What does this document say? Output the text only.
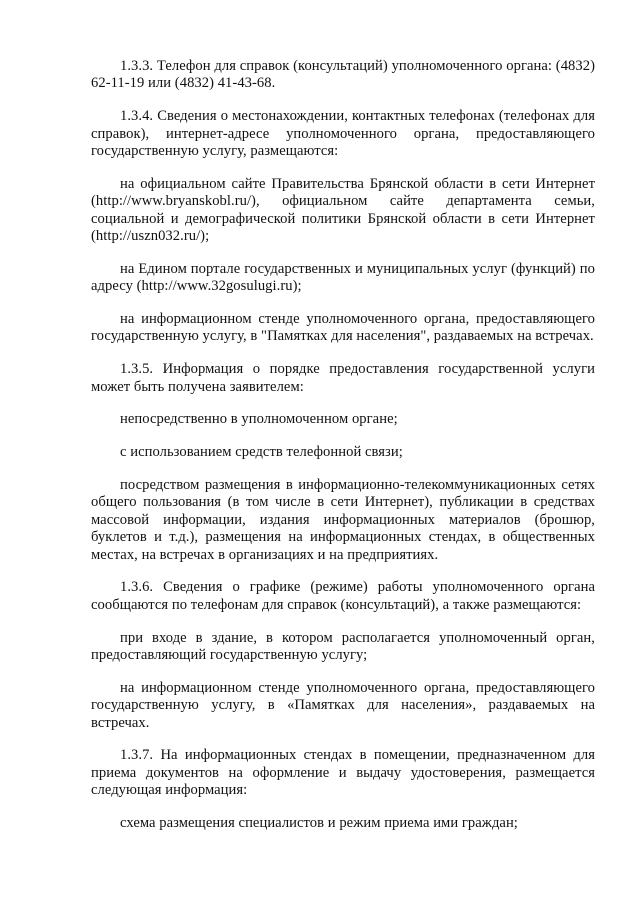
1.3.3. Телефон для справок (консультаций) уполномоченного органа: (4832) 62-11-19 или (4832) 41-43-68.

1.3.4. Сведения о местонахождении, контактных телефонах (телефонах для справок), интернет-адресе уполномоченного органа, предоставляющего государственную услугу, размещаются:

на официальном сайте Правительства Брянской области в сети Интернет (http://www.bryanskobl.ru/), официальном сайте департамента семьи, социальной и демографической политики Брянской области в сети Интернет (http://uszn032.ru/);

на Едином портале государственных и муниципальных услуг (функций) по адресу (http://www.32gosulugi.ru);

на информационном стенде уполномоченного органа, предоставляющего государственную услугу, в "Памятках для населения", раздаваемых на встречах.

1.3.5. Информация о порядке предоставления государственной услуги может быть получена заявителем:

непосредственно в уполномоченном органе;

с использованием средств телефонной связи;

посредством размещения в информационно-телекоммуникационных сетях общего пользования (в том числе в сети Интернет), публикации в средствах массовой информации, издания информационных материалов (брошюр, буклетов и т.д.), размещения на информационных стендах, в общественных местах, на встречах в организациях и на предприятиях.

1.3.6. Сведения о графике (режиме) работы уполномоченного органа сообщаются по телефонам для справок (консультаций), а также размещаются:

при входе в здание, в котором располагается уполномоченный орган, предоставляющий государственную услугу;

на информационном стенде уполномоченного органа, предоставляющего государственную услугу, в «Памятках для населения», раздаваемых на встречах.

1.3.7. На информационных стендах в помещении, предназначенном для приема документов на оформление и выдачу удостоверения, размещается следующая информация:

схема размещения специалистов и режим приема ими граждан;
